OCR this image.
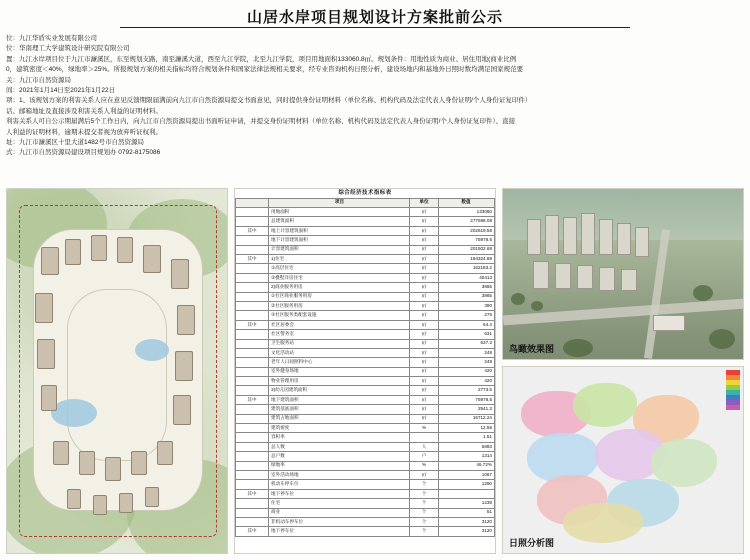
山居水岸项目规划设计方案批前公示

位：九江华盾实业发展有限公司

位：华南理工大学建筑设计研究院有限公司

置：九江水岸项目位于九江市濂溪区，东至规划支路，南至濂溪大道，西至九江学院，北至九江学院，项目用地面积133060.8㎡。规划条件：用地性质为商业、居住用地(商业比例

0，建筑密度＜40%，绿地率＞25%。所报规划方案的相关指标均符合规划条件和国家法律法规相关要求，经专业咨询机构日照分析，建设场地内和基地外日照时数均满足国家规范要

关：九江市自然资源局

间：2021年1月14日至2021年1月22日

项：1、该规划方案的利害关系人应在意见反馈期限届满前向九江市自然资源局提交书面意见，同时提供身份证明材料（单位名称、机构代码及法定代表人身份证明/个人身份证复印件）

话、邮箱地址及直接涉及利害关系人利益的证明材料。

利害关系人可自公示期届满后5个工作日内，向九江市自然资源局提出书面听证申请，并提交身份证明材料（单位名称、机构代码及法定代表人身份证明/个人身份证复印件）、直接

人利益的证明材料，逾期未提交者视为放弃听证权利。

址：九江市濂溪区十里大道1482号市自然资源局

式：九江市自然资源局建设项目规划办 0792-8175086

综合经济技术指标表
	项目	单位	数值
	用地面积	㎡	133060
	总建筑面积	㎡	277598.08
其中	地上计容建筑面积	㎡	202619.58
	地下计容建筑面积	㎡	75978.5
	计容建筑面积	㎡	201502.68
其中	1)住宅	㎡	194324.88
	①高层住宅	㎡	152183.2
	②叠墅洋房住宅	㎡	40413
	2)商业服务用房	㎡	3865
	①社区商业服务用房	㎡	3865
	②社区服务用房	㎡	390
	③社区服务类配套设施	㎡	276
其中	社区居委会	㎡	64.4
	社区警务室	㎡	631
	卫生服务站	㎡	637.2
	文化活动站	㎡	248
	老年人日间照料中心	㎡	248
	室外健身场地	㎡	420
	物业管理用房	㎡	420
	3)幼儿园建筑面积	㎡	2773.5
其中	地下建筑面积	㎡	75978.5
	建筑基底面积	㎡	2541.3
	建筑占地面积	㎡	16712.24
	建筑密度	%	12.56
	容积率		1.51
	总人数	人	5883
	总户数	户	1314
	绿地率	%	46.72%
	室外活动场地	㎡	1067
	机动车停车位	个	1290
其中	地下停车位	个	
	住宅	个	1239
	商业	个	51
	非机动车停车位	个	3120
其中	地下停车位	个	3120
鸟瞰效果图
日照分析图
